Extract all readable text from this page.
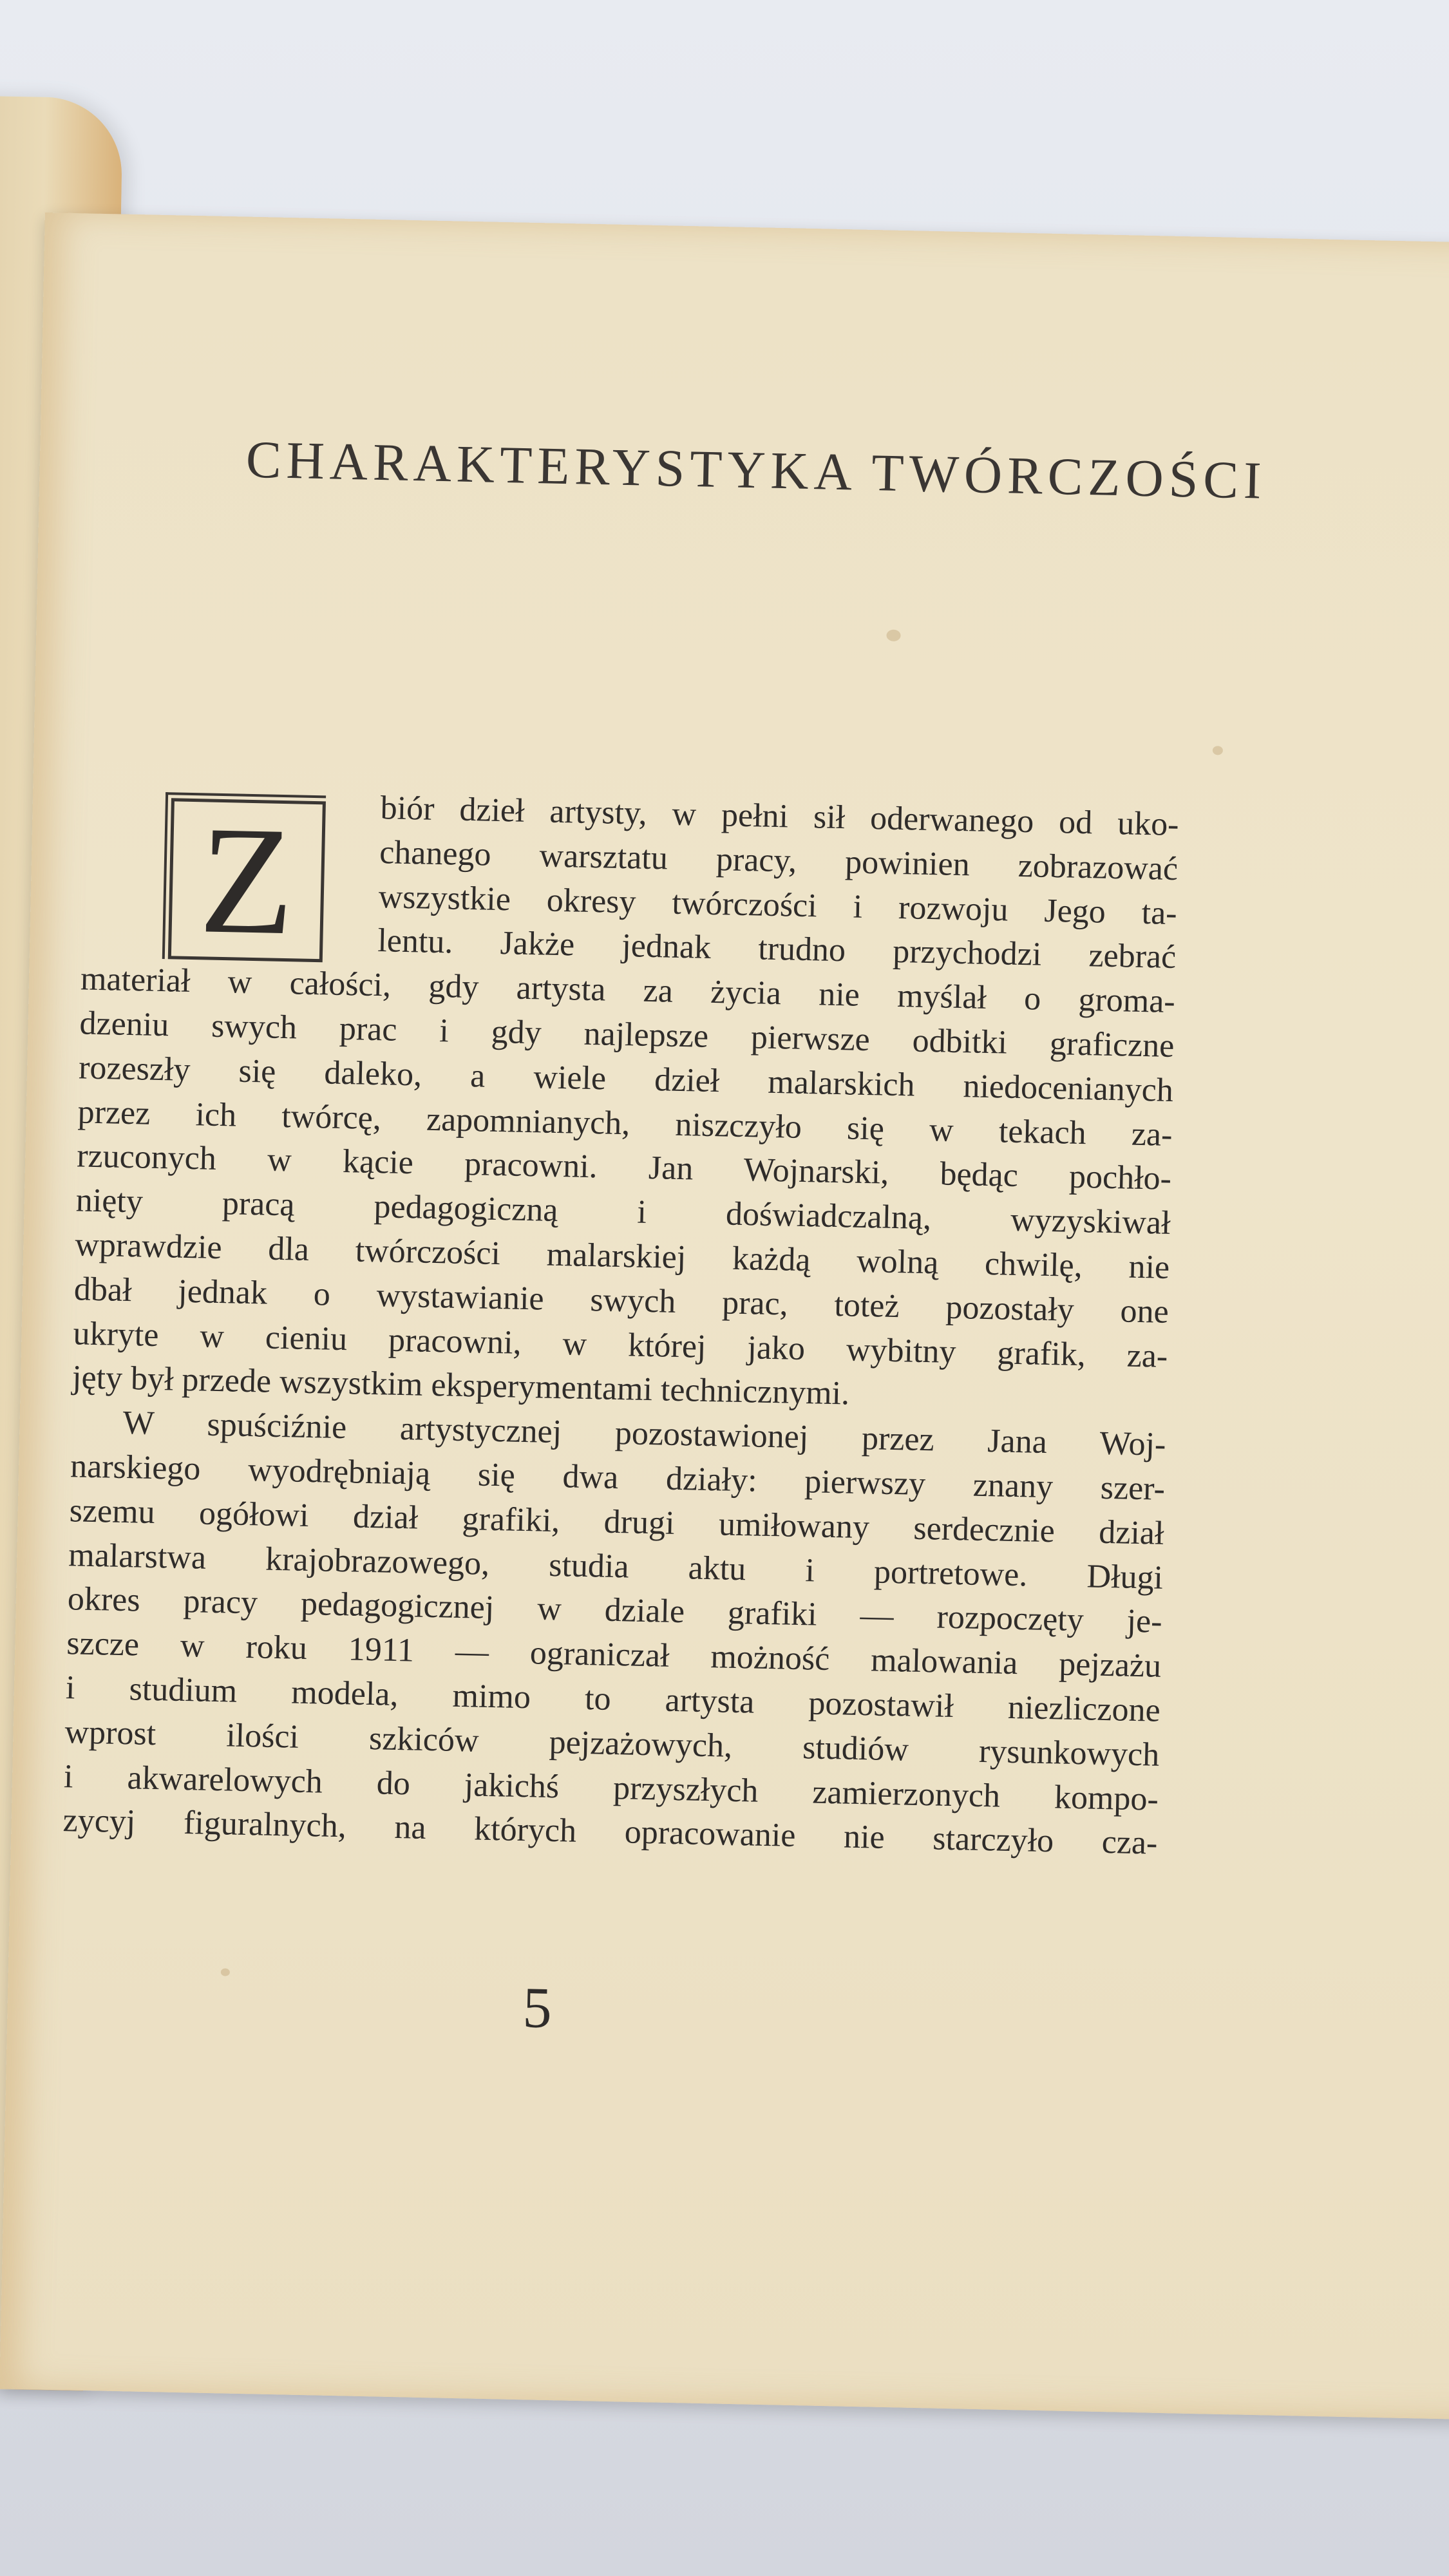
CHARAKTERYSTYKA TWÓRCZOŚCI
Z	biór dzieł artysty, w pełni sił oderwanego od uko-
chanego warsztatu pracy, powinien zobrazować
wszystkie okresy twórczości i rozwoju Jego ta-
lentu. Jakże jednak trudno przychodzi zebrać
materiał w całości, gdy artysta za życia nie myślał o groma-
dzeniu swych prac i gdy najlepsze pierwsze odbitki graficzne
rozeszły się daleko, a wiele dzieł malarskich niedocenianych
przez ich twórcę, zapomnianych, niszczyło się w tekach za-
rzuconych w kącie pracowni. Jan Wojnarski, będąc pochło-
nięty pracą pedagogiczną i doświadczalną, wyzyskiwał
wprawdzie dla twórczości malarskiej każdą wolną chwilę, nie
dbał jednak o wystawianie swych prac, toteż pozostały one
ukryte w cieniu pracowni, w której jako wybitny grafik, za-
jęty był przede wszystkim eksperymentami technicznymi.
W spuściźnie artystycznej pozostawionej przez Jana Woj-
narskiego wyodrębniają się dwa działy: pierwszy znany szer-
szemu ogółowi dział grafiki, drugi umiłowany serdecznie dział
malarstwa krajobrazowego, studia aktu i portretowe. Długi
okres pracy pedagogicznej w dziale grafiki — rozpoczęty je-
szcze w roku 1911 — ograniczał możność malowania pejzażu
i studium modela, mimo to artysta pozostawił niezliczone
wprost ilości szkiców pejzażowych, studiów rysunkowych
i akwarelowych do jakichś przyszłych zamierzonych kompo-
zycyj figuralnych, na których opracowanie nie starczyło cza-
5
